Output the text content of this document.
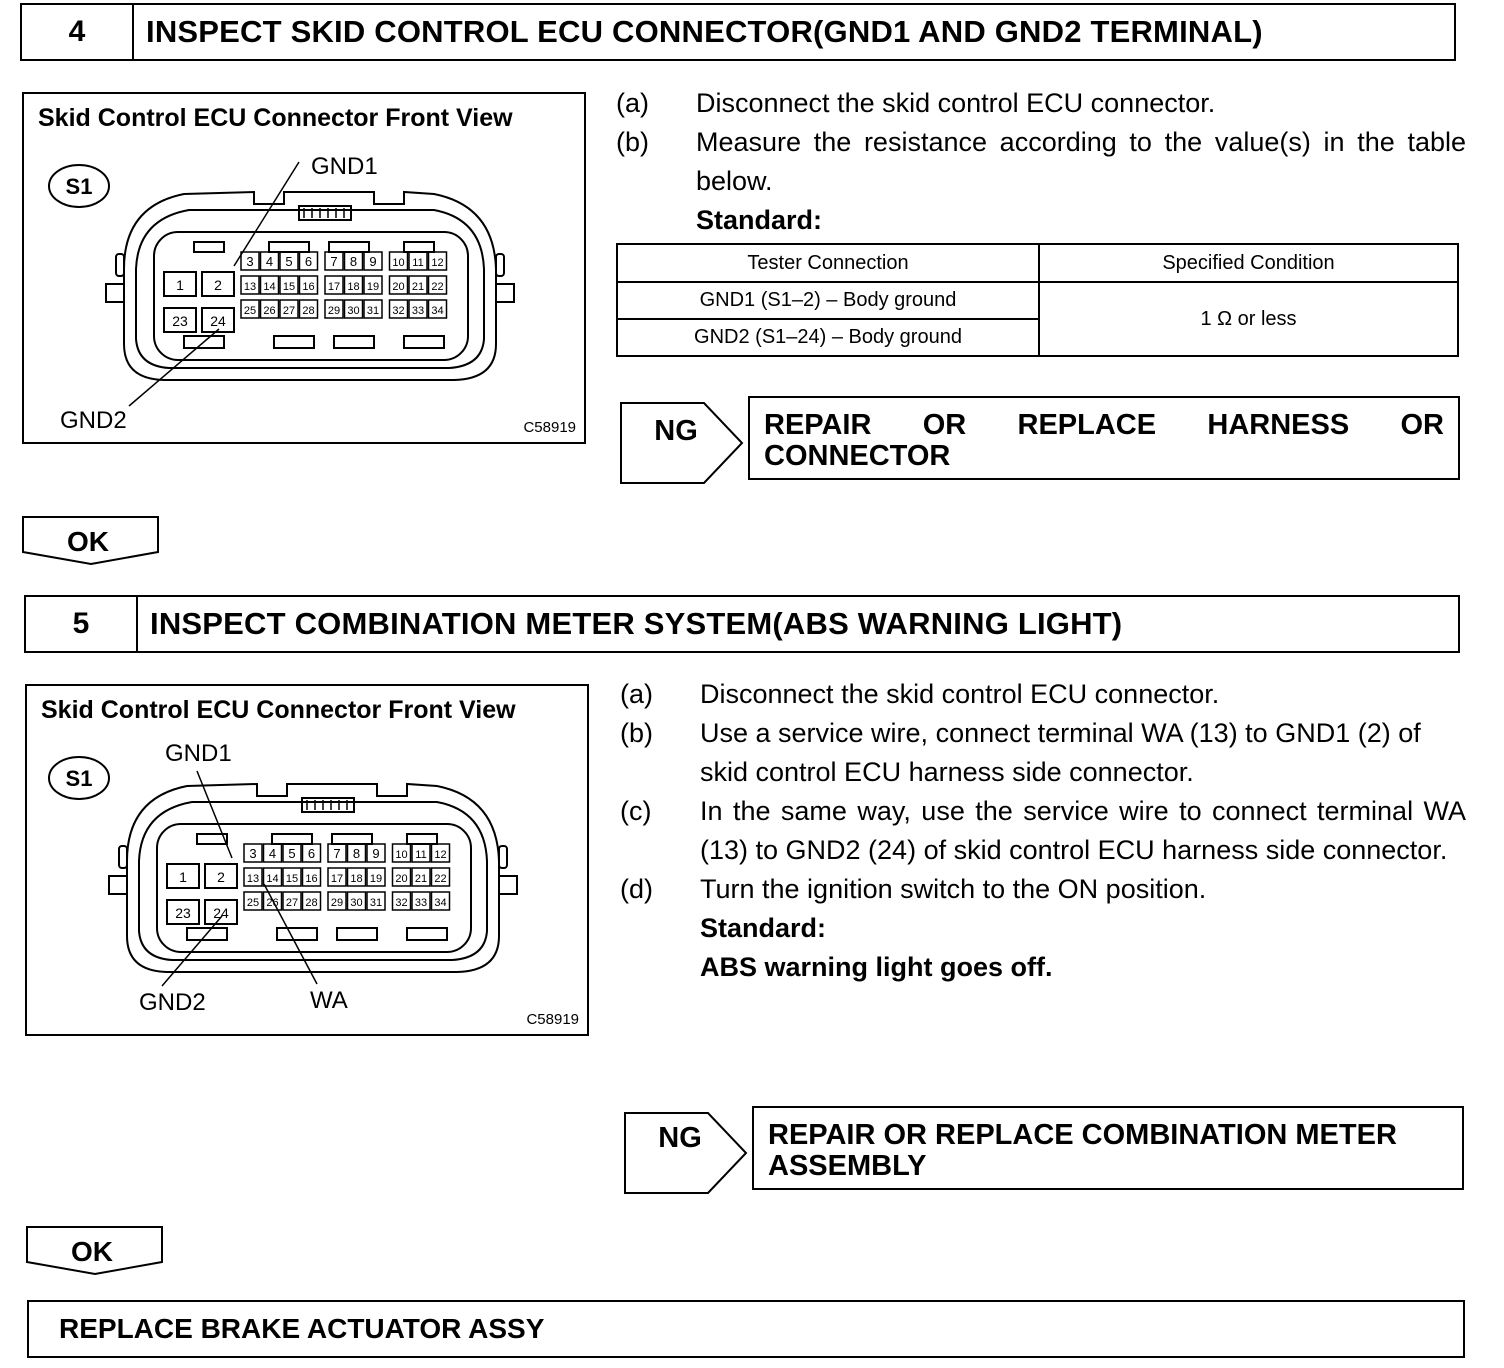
4	INSPECT SKID CONTROL ECU CONNECTOR(GND1 AND GND2 TERMINAL)
Skid Control ECU Connector Front View
S1
1 2
23 24
3 4 5 6 7 8 9 10 11 12
13 14 15 16 17 18 19 20 21 22
25 26 27 28 29 30 31 32 33 34
GND1
GND2	C58919
(a)	Disconnect the skid control ECU connector.
(b)	Measure the resistance according to the value(s) in the table below.
Standard:
Tester Connection	Specified Condition
GND1 (S1–2) – Body ground	1 Ω or less
GND2 (S1–24) – Body ground	
NG REPAIR OR REPLACE HARNESS OR CONNECTOR
OK
5	INSPECT COMBINATION METER SYSTEM(ABS WARNING LIGHT)
Skid Control ECU Connector Front View
S1
1 2
23 24
3 4 5 6 7 8 9 10 11 12
13 14 15 16 17 18 19 20 21 22
25 26 27 28 29 30 31 32 33 34
GND1
GND2	WA
C58919
(a)	Disconnect the skid control ECU connector.
(b)	Use a service wire, connect terminal WA (13) to GND1 (2) of skid control ECU harness side connector.
(c)	In the same way, use the service wire to connect terminal WA (13) to GND2 (24) of skid control ECU harness side connector.
(d)	Turn the ignition switch to the ON position.
Standard:
ABS warning light goes off.
NG REPAIR OR REPLACE COMBINATION METER ASSEMBLY
OK
REPLACE BRAKE ACTUATOR ASSY
